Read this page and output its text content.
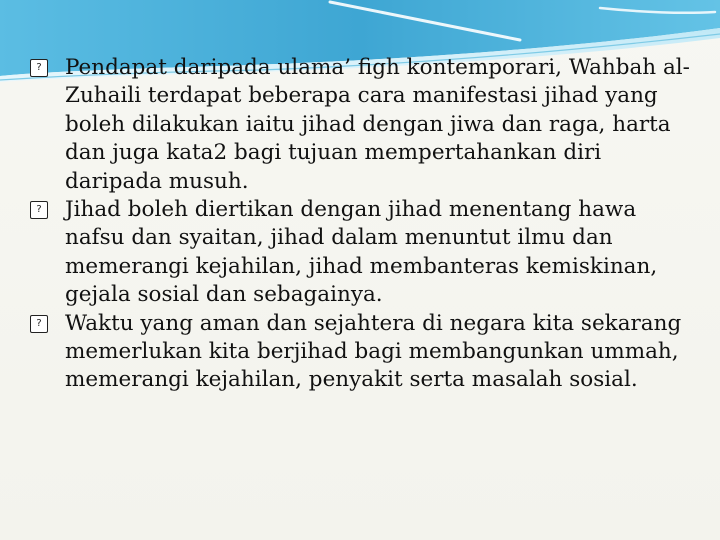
? Pendapat daripada ulama’ figh kontemporari, Wahbah al-Zuhaili terdapat beberapa cara manifestasi jihad yang boleh dilakukan iaitu jihad dengan jiwa dan raga, harta dan juga kata2 bagi tujuan mempertahankan diri daripada musuh.

? Jihad boleh diertikan dengan jihad menentang hawa nafsu dan syaitan, jihad dalam menuntut ilmu dan memerangi kejahilan, jihad membanteras kemiskinan, gejala sosial dan sebagainya.

? Waktu yang aman dan sejahtera di negara kita sekarang memerlukan kita berjihad bagi membangunkan ummah, memerangi kejahilan, penyakit serta masalah sosial.
